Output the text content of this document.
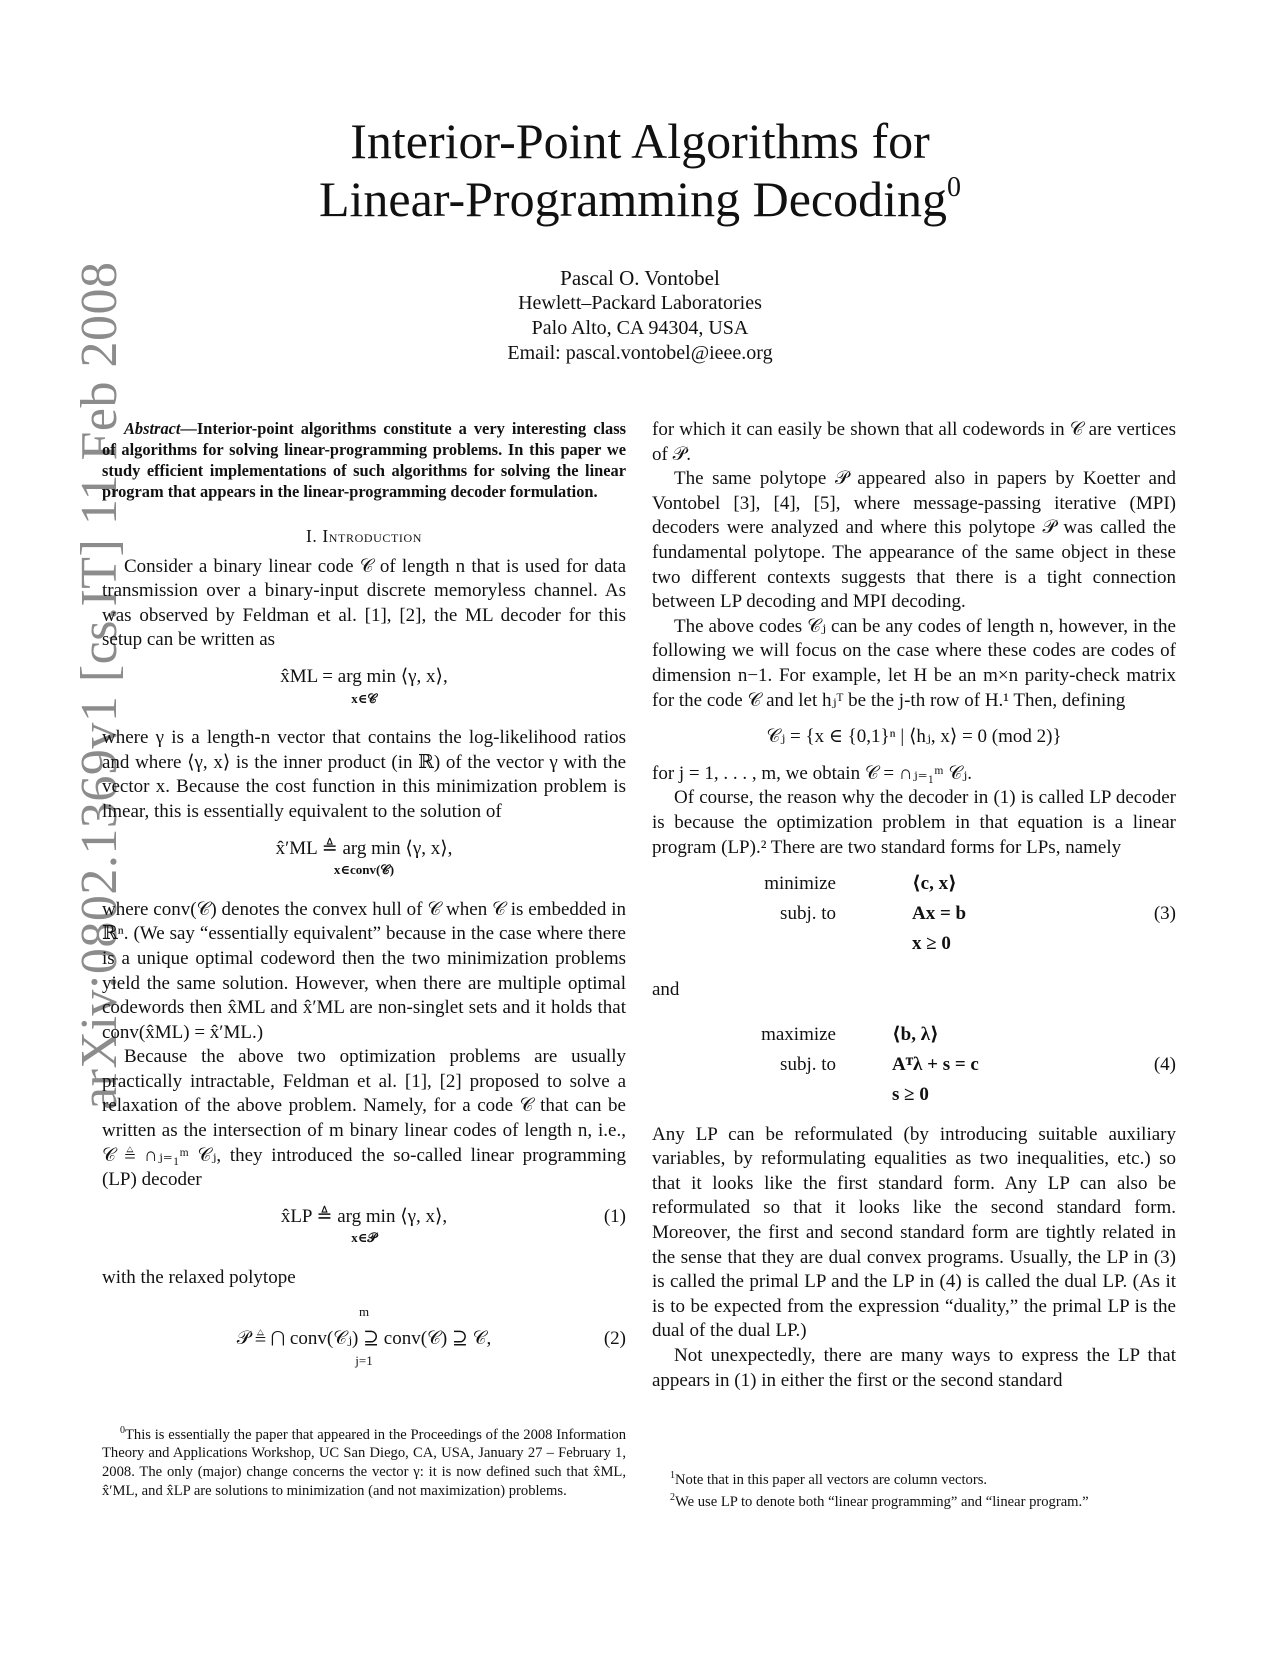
arXiv:0802.1369v1 [cs.IT] 11 Feb 2008
Interior-Point Algorithms for
Linear-Programming Decoding$^0$
Pascal O. Vontobel
Hewlett–Packard Laboratories
Palo Alto, CA 94304, USA
Email: pascal.vontobel@ieee.org

Abstract—Interior-point algorithms constitute a very interesting class of algorithms for solving linear-programming problems. In this paper we study efficient implementations of such algorithms for solving the linear program that appears in the linear-programming decoder formulation.

I. Introduction

Consider a binary linear code 𝒞 of length n that is used for data transmission over a binary-input discrete memoryless channel. As was observed by Feldman et al. [1], [2], the ML decoder for this setup can be written as

x̂ML = arg min ⟨γ, x⟩,

x∈𝒞

where γ is a length-n vector that contains the log-likelihood ratios and where ⟨γ, x⟩ is the inner product (in ℝ) of the vector γ with the vector x. Because the cost function in this minimization problem is linear, this is essentially equivalent to the solution of

x̂′ML ≜ arg min ⟨γ, x⟩,

x∈conv(𝒞)

where conv(𝒞) denotes the convex hull of 𝒞 when 𝒞 is embedded in ℝⁿ. (We say “essentially equivalent” because in the case where there is a unique optimal codeword then the two minimization problems yield the same solution. However, when there are multiple optimal codewords then x̂ML and x̂′ML are non-singlet sets and it holds that conv(x̂ML) = x̂′ML.)

Because the above two optimization problems are usually practically intractable, Feldman et al. [1], [2] proposed to solve a relaxation of the above problem. Namely, for a code 𝒞 that can be written as the intersection of m binary linear codes of length n, i.e., 𝒞 ≜ ∩ⱼ₌₁ᵐ 𝒞ⱼ, they introduced the so-called linear programming (LP) decoder

x̂LP ≜ arg min ⟨γ, x⟩,

x∈𝒫
(1)

with the relaxed polytope

m
𝒫 ≜ ⋂ conv(𝒞ⱼ) ⊇ conv(𝒞) ⊇ 𝒞,
j=1
(2)

$^0$This is essentially the paper that appeared in the Proceedings of the 2008 Information Theory and Applications Workshop, UC San Diego, CA, USA, January 27 – February 1, 2008. The only (major) change concerns the vector γ: it is now defined such that x̂ML, x̂′ML, and x̂LP are solutions to minimization (and not maximization) problems.

for which it can easily be shown that all codewords in 𝒞 are vertices of 𝒫.

The same polytope 𝒫 appeared also in papers by Koetter and Vontobel [3], [4], [5], where message-passing iterative (MPI) decoders were analyzed and where this polytope 𝒫 was called the fundamental polytope. The appearance of the same object in these two different contexts suggests that there is a tight connection between LP decoding and MPI decoding.

The above codes 𝒞ⱼ can be any codes of length n, however, in the following we will focus on the case where these codes are codes of dimension n−1. For example, let H be an m×n parity-check matrix for the code 𝒞 and let hⱼᵀ be the j-th row of H.¹ Then, defining

𝒞ⱼ = {x ∈ {0,1}ⁿ | ⟨hⱼ, x⟩ = 0 (mod 2)}

for j = 1, . . . , m, we obtain 𝒞 = ∩ⱼ₌₁ᵐ 𝒞ⱼ.

Of course, the reason why the decoder in (1) is called LP decoder is because the optimization problem in that equation is a linear program (LP).² There are two standard forms for LPs, namely

minimize	⟨c, x⟩
subj. to	Ax = b
x ≥ 0
(3)

and

maximize	⟨b, λ⟩
subj. to	Aᵀλ + s = c
s ≥ 0
(4)

Any LP can be reformulated (by introducing suitable auxiliary variables, by reformulating equalities as two inequalities, etc.) so that it looks like the first standard form. Any LP can also be reformulated so that it looks like the second standard form. Moreover, the first and second standard form are tightly related in the sense that they are dual convex programs. Usually, the LP in (3) is called the primal LP and the LP in (4) is called the dual LP. (As it is to be expected from the expression “duality,” the primal LP is the dual of the dual LP.)

Not unexpectedly, there are many ways to express the LP that appears in (1) in either the first or the second standard

$^1$Note that in this paper all vectors are column vectors.

$^2$We use LP to denote both “linear programming” and “linear program.”
